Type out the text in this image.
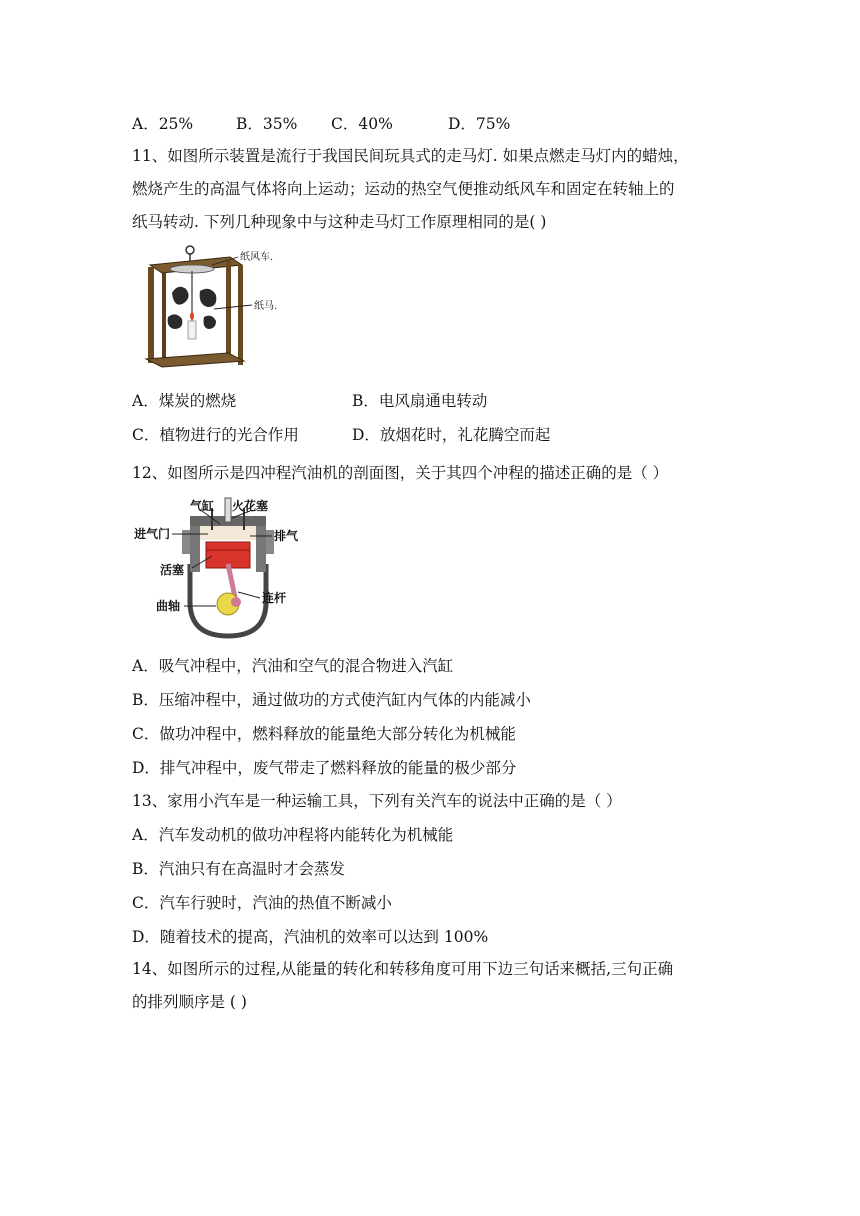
A．25%	B．35% C．40%	D．75%
11、如图所示装置是流行于我国民间玩具式的走马灯. 如果点燃走马灯内的蜡烛，
燃烧产生的高温气体将向上运动；运动的热空气便推动纸风车和固定在转轴上的
纸马转动. 下列几种现象中与这种走马灯工作原理相同的是( )
纸风车.
纸马.
A．煤炭的燃烧	B．电风扇通电转动
C．植物进行的光合作用	D．放烟花时，礼花腾空而起
12、如图所示是四冲程汽油机的剖面图，关于其四个冲程的描述正确的是（ ）
气缸 火花塞
进气门	排气
活塞
连杆
曲轴
A．吸气冲程中，汽油和空气的混合物进入汽缸
B．压缩冲程中，通过做功的方式使汽缸内气体的内能减小
C．做功冲程中，燃料释放的能量绝大部分转化为机械能
D．排气冲程中，废气带走了燃料释放的能量的极少部分
13、家用小汽车是一种运输工具，下列有关汽车的说法中正确的是（ ）
A．汽车发动机的做功冲程将内能转化为机械能
B．汽油只有在高温时才会蒸发
C．汽车行驶时，汽油的热值不断减小
D．随着技术的提高，汽油机的效率可以达到 100%
14、如图所示的过程,从能量的转化和转移角度可用下边三句话来概括,三句正确
的排列顺序是 ( )
